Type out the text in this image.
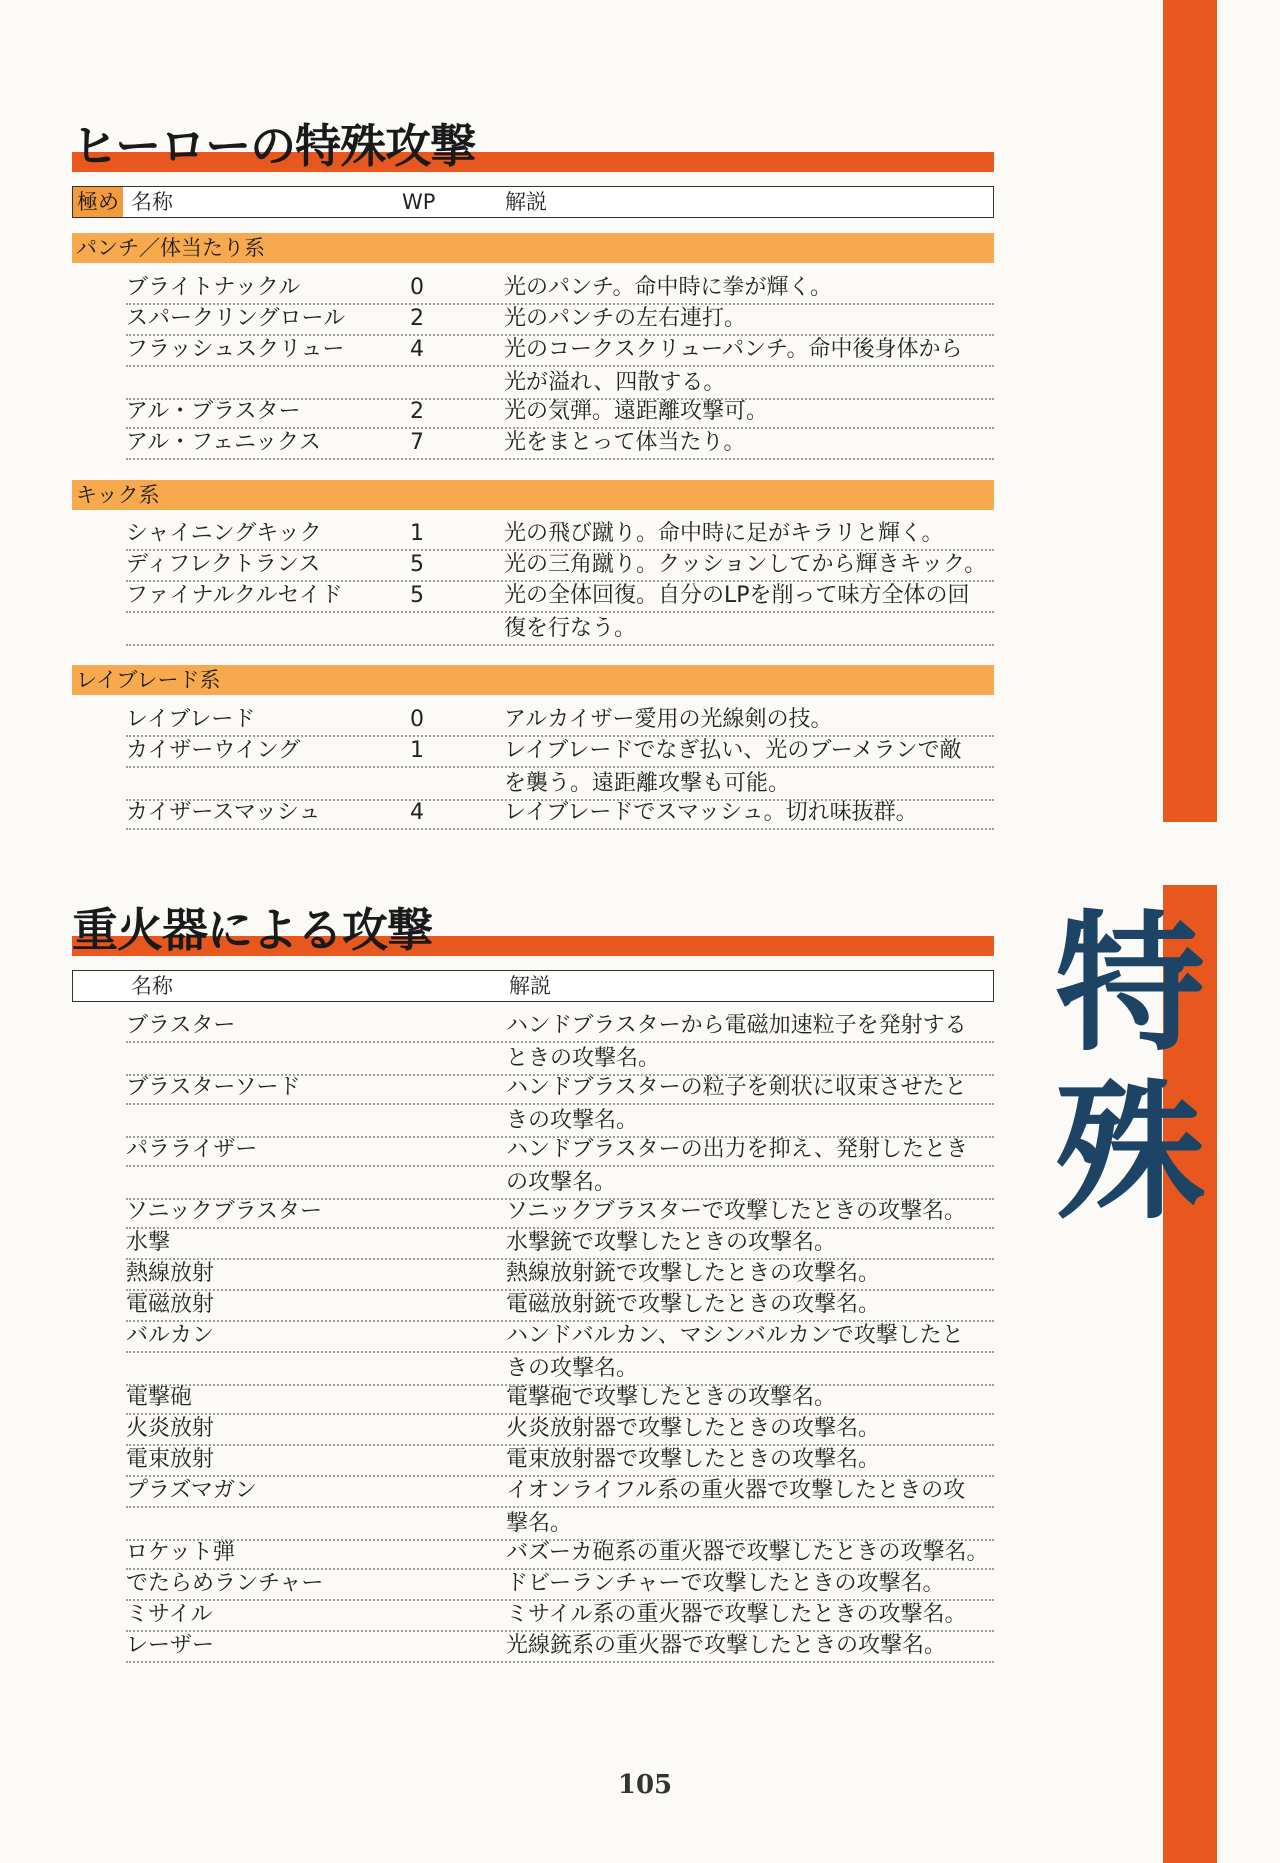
特殊
ヒーローの特殊攻撃
極め 名称	WP	解説
パンチ／体当たり系
ブライトナックル	0	光のパンチ。命中時に拳が輝く。
スパークリングロール	2	光のパンチの左右連打。
フラッシュスクリュー	4	光のコークスクリューパンチ。命中後身体から
光が溢れ、四散する。
アル・ブラスター	2	光の気弾。遠距離攻撃可。
アル・フェニックス	7	光をまとって体当たり。
キック系
シャイニングキック	1	光の飛び蹴り。命中時に足がキラリと輝く。
ディフレクトランス	5	光の三角蹴り。クッションしてから輝きキック。
ファイナルクルセイド	5	光の全体回復。自分のLPを削って味方全体の回
復を行なう。
レイブレード系
レイブレード	0	アルカイザー愛用の光線剣の技。
カイザーウイング	1	レイブレードでなぎ払い、光のブーメランで敵
を襲う。遠距離攻撃も可能。
カイザースマッシュ	4	レイブレードでスマッシュ。切れ味抜群。
重火器による攻撃
名称	解説
ブラスター	ハンドブラスターから電磁加速粒子を発射する
ときの攻撃名。
ブラスターソード	ハンドブラスターの粒子を剣状に収束させたと
きの攻撃名。
パラライザー	ハンドブラスターの出力を抑え、発射したとき
の攻撃名。
ソニックブラスター	ソニックブラスターで攻撃したときの攻撃名。
水撃	水撃銃で攻撃したときの攻撃名。
熱線放射	熱線放射銃で攻撃したときの攻撃名。
電磁放射	電磁放射銃で攻撃したときの攻撃名。
バルカン	ハンドバルカン、マシンバルカンで攻撃したと
きの攻撃名。
電撃砲	電撃砲で攻撃したときの攻撃名。
火炎放射	火炎放射器で攻撃したときの攻撃名。
電束放射	電束放射器で攻撃したときの攻撃名。
プラズマガン	イオンライフル系の重火器で攻撃したときの攻
撃名。
ロケット弾	バズーカ砲系の重火器で攻撃したときの攻撃名。
でたらめランチャー	ドビーランチャーで攻撃したときの攻撃名。
ミサイル	ミサイル系の重火器で攻撃したときの攻撃名。
レーザー	光線銃系の重火器で攻撃したときの攻撃名。
105
